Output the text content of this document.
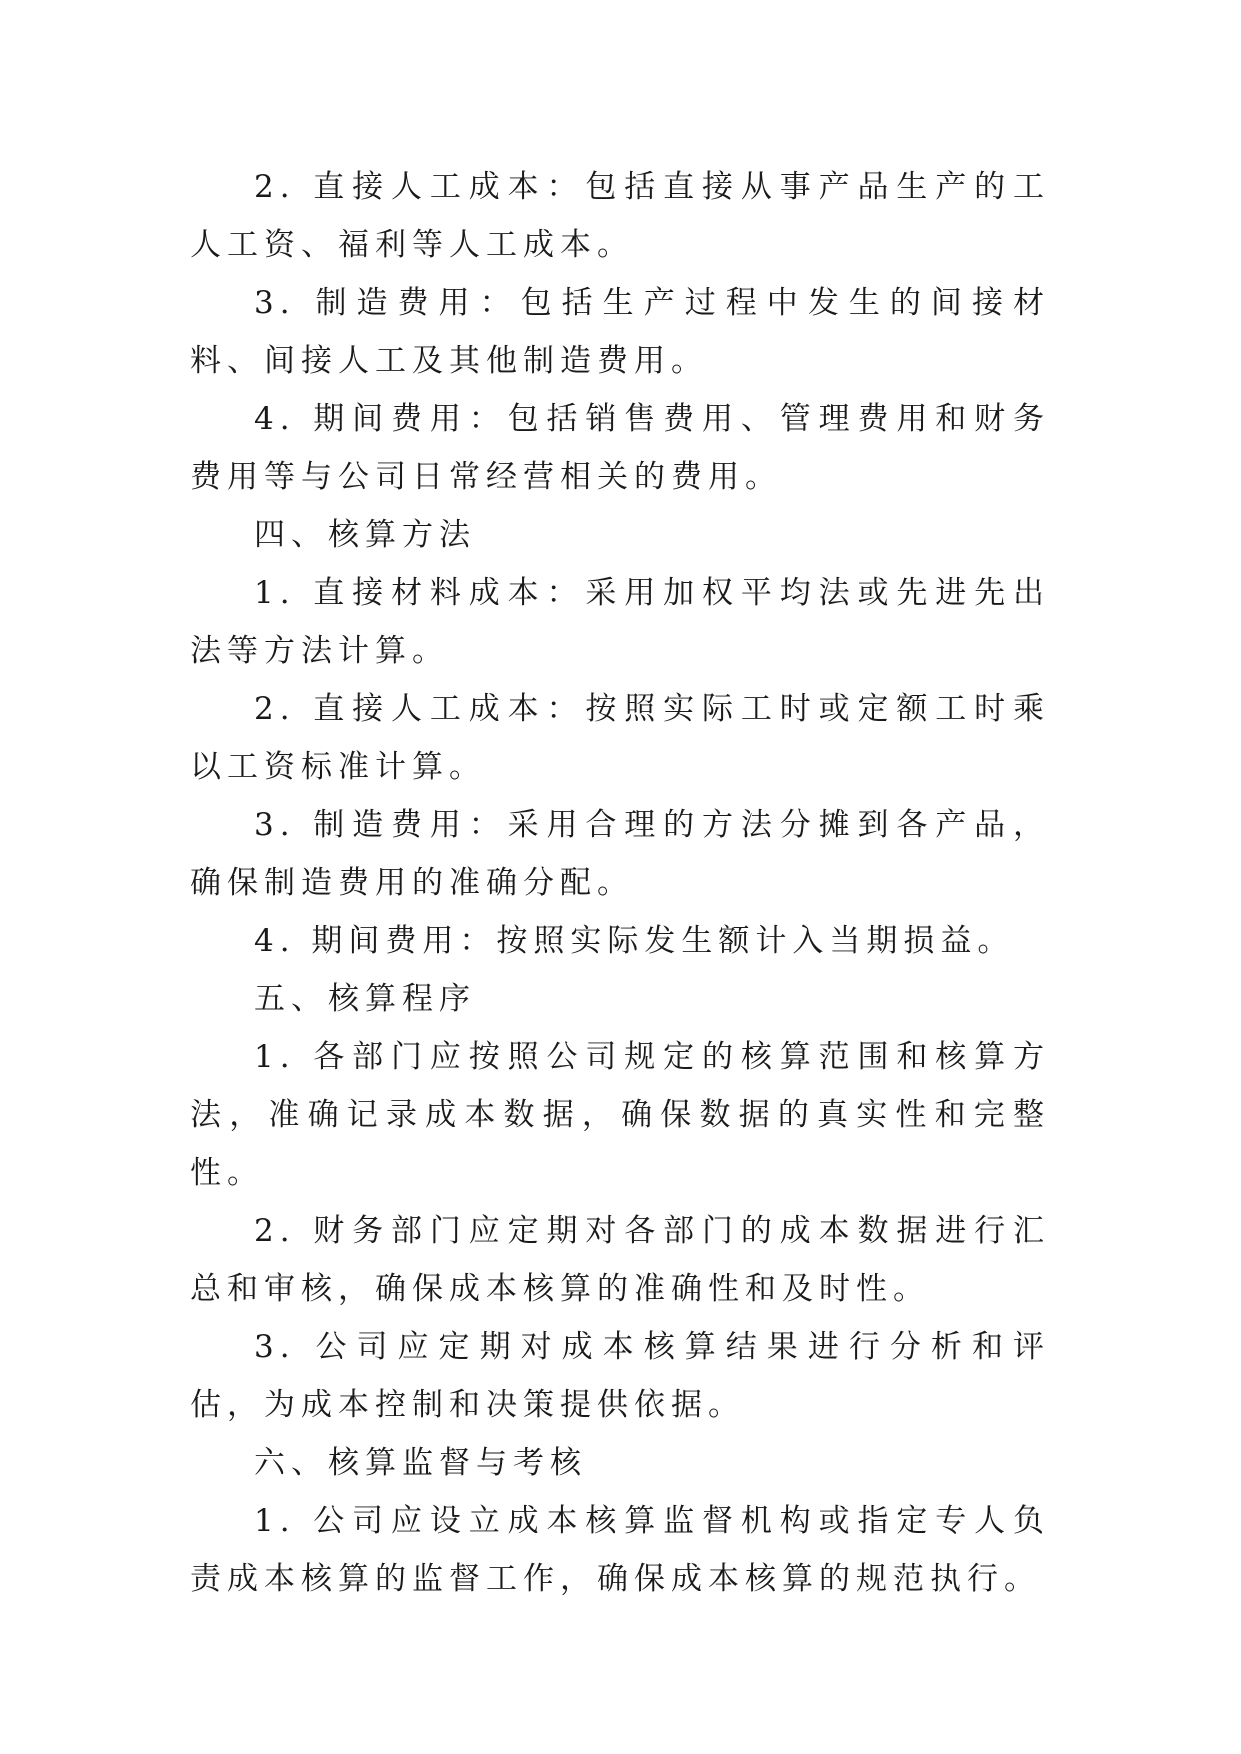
2. 直接人工成本：包括直接从事产品生产的工人工资、福利等人工成本。

3. 制造费用：包括生产过程中发生的间接材料、间接人工及其他制造费用。

4. 期间费用：包括销售费用、管理费用和财务费用等与公司日常经营相关的费用。

四、核算方法

1. 直接材料成本：采用加权平均法或先进先出法等方法计算。

2. 直接人工成本：按照实际工时或定额工时乘以工资标准计算。

3. 制造费用：采用合理的方法分摊到各产品，确保制造费用的准确分配。

4. 期间费用：按照实际发生额计入当期损益。

五、核算程序

1. 各部门应按照公司规定的核算范围和核算方法，准确记录成本数据，确保数据的真实性和完整性。

2. 财务部门应定期对各部门的成本数据进行汇总和审核，确保成本核算的准确性和及时性。

3. 公司应定期对成本核算结果进行分析和评估，为成本控制和决策提供依据。

六、核算监督与考核

1. 公司应设立成本核算监督机构或指定专人负责成本核算的监督工作，确保成本核算的规范执行。
